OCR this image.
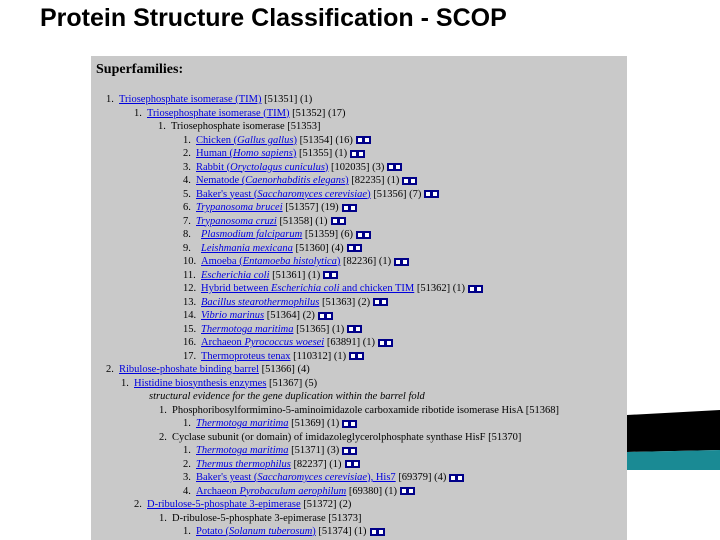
Protein Structure Classification - SCOP
Superfamilies:
1. Triosephosphate isomerase (TIM) [51351] (1)
1. Triosephosphate isomerase (TIM) [51352] (17)
1. Triosephosphate isomerase [51353]
1. Chicken (Gallus gallus) [51354] (16)
2. Human (Homo sapiens) [51355] (1)
3. Rabbit (Oryctolagus cuniculus) [102035] (3)
4. Nematode (Caenorhabditis elegans) [82235] (1)
5. Baker's yeast (Saccharomyces cerevisiae) [51356] (7)
6. Trypanosoma brucei [51357] (19)
7. Trypanosoma cruzi [51358] (1)
8. Plasmodium falciparum [51359] (6)
9. Leishmania mexicana [51360] (4)
10. Amoeba (Entamoeba histolytica) [82236] (1)
11. Escherichia coli [51361] (1)
12. Hybrid between Escherichia coli and chicken TIM [51362] (1)
13. Bacillus stearothermophilus [51363] (2)
14. Vibrio marinus [51364] (2)
15. Thermotoga maritima [51365] (1)
16. Archaeon Pyrococcus woesei [63891] (1)
17. Thermoproteus tenax [110312] (1)
2. Ribulose-phoshate binding barrel [51366] (4)
1. Histidine biosynthesis enzymes [51367] (5)
structural evidence for the gene duplication within the barrel fold
1. Phosphoribosylformimino-5-aminoimidazole carboxamide ribotide isomerase HisA [51368]
1. Thermotoga maritima [51369] (1)
2. Cyclase subunit (or domain) of imidazoleglycerolphosphate synthase HisF [51370]
1. Thermotoga maritima [51371] (3)
2. Thermus thermophilus [82237] (1)
3. Baker's yeast (Saccharomyces cerevisiae), His7 [69379] (4)
4. Archaeon Pyrobaculum aerophilum [69380] (1)
2. D-ribulose-5-phosphate 3-epimerase [51372] (2)
1. D-ribulose-5-phosphate 3-epimerase [51373]
1. Potato (Solanum tuberosum) [51374] (1)
